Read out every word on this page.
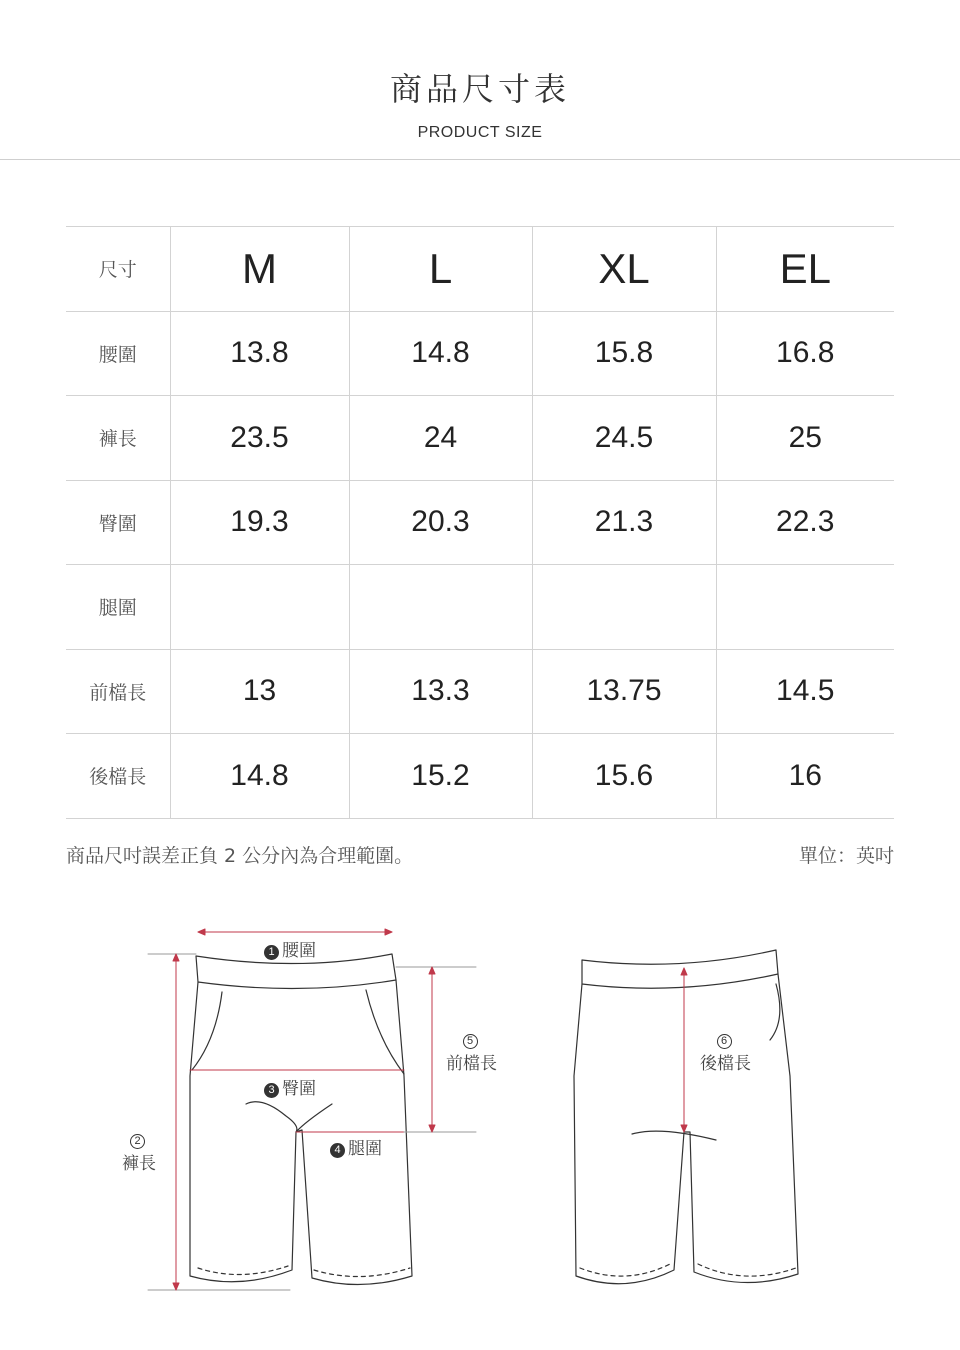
商品尺寸表
PRODUCT SIZE
尺寸	M	L	XL	EL
腰圍	13.8	14.8	15.8	16.8
褲長	23.5	24	24.5	25
臀圍	19.3	20.3	21.3	22.3
腿圍				
前檔長	13	13.3	13.75	14.5
後檔長	14.8	15.2	15.6	16
商品尺吋誤差正負 2 公分內為合理範圍。	單位：英吋
1 腰圍
2
褲長
3 臀圍
4 腿圍
5
前檔長
6
後檔長
